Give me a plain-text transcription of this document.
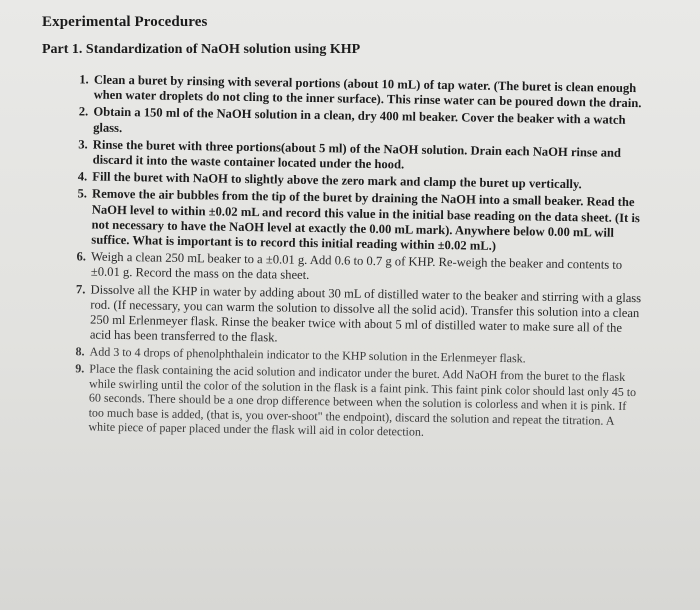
Experimental Procedures
Part 1. Standardization of NaOH solution using KHP
1. Clean a buret by rinsing with several portions (about 10 mL) of tap water. (The buret is clean enough when water droplets do not cling to the inner surface). This rinse water can be poured down the drain.
2. Obtain a 150 ml of the NaOH solution in a clean, dry 400 ml beaker. Cover the beaker with a watch glass.
3. Rinse the buret with three portions(about 5 ml) of the NaOH solution. Drain each NaOH rinse and discard it into the waste container located under the hood.
4. Fill the buret with NaOH to slightly above the zero mark and clamp the buret up vertically.
5. Remove the air bubbles from the tip of the buret by draining the NaOH into a small beaker. Read the NaOH level to within ±0.02 mL and record this value in the initial base reading on the data sheet. (It is not necessary to have the NaOH level at exactly the 0.00 mL mark). Anywhere below 0.00 mL will suffice. What is important is to record this initial reading within ±0.02 mL.)
6. Weigh a clean 250 mL beaker to a ±0.01 g. Add 0.6 to 0.7 g of KHP. Re-weigh the beaker and contents to ±0.01 g. Record the mass on the data sheet.
7. Dissolve all the KHP in water by adding about 30 mL of distilled water to the beaker and stirring with a glass rod. (If necessary, you can warm the solution to dissolve all the solid acid). Transfer this solution into a clean 250 ml Erlenmeyer flask. Rinse the beaker twice with about 5 ml of distilled water to make sure all of the acid has been transferred to the flask.
8. Add 3 to 4 drops of phenolphthalein indicator to the KHP solution in the Erlenmeyer flask.
9. Place the flask containing the acid solution and indicator under the buret. Add NaOH from the buret to the flask while swirling until the color of the solution in the flask is a faint pink. This faint pink color should last only 45 to 60 seconds. There should be a one drop difference between when the solution is colorless and when it is pink. If too much base is added, (that is, you over-shoot" the endpoint), discard the solution and repeat the titration. A white piece of paper placed under the flask will aid in color detection.
